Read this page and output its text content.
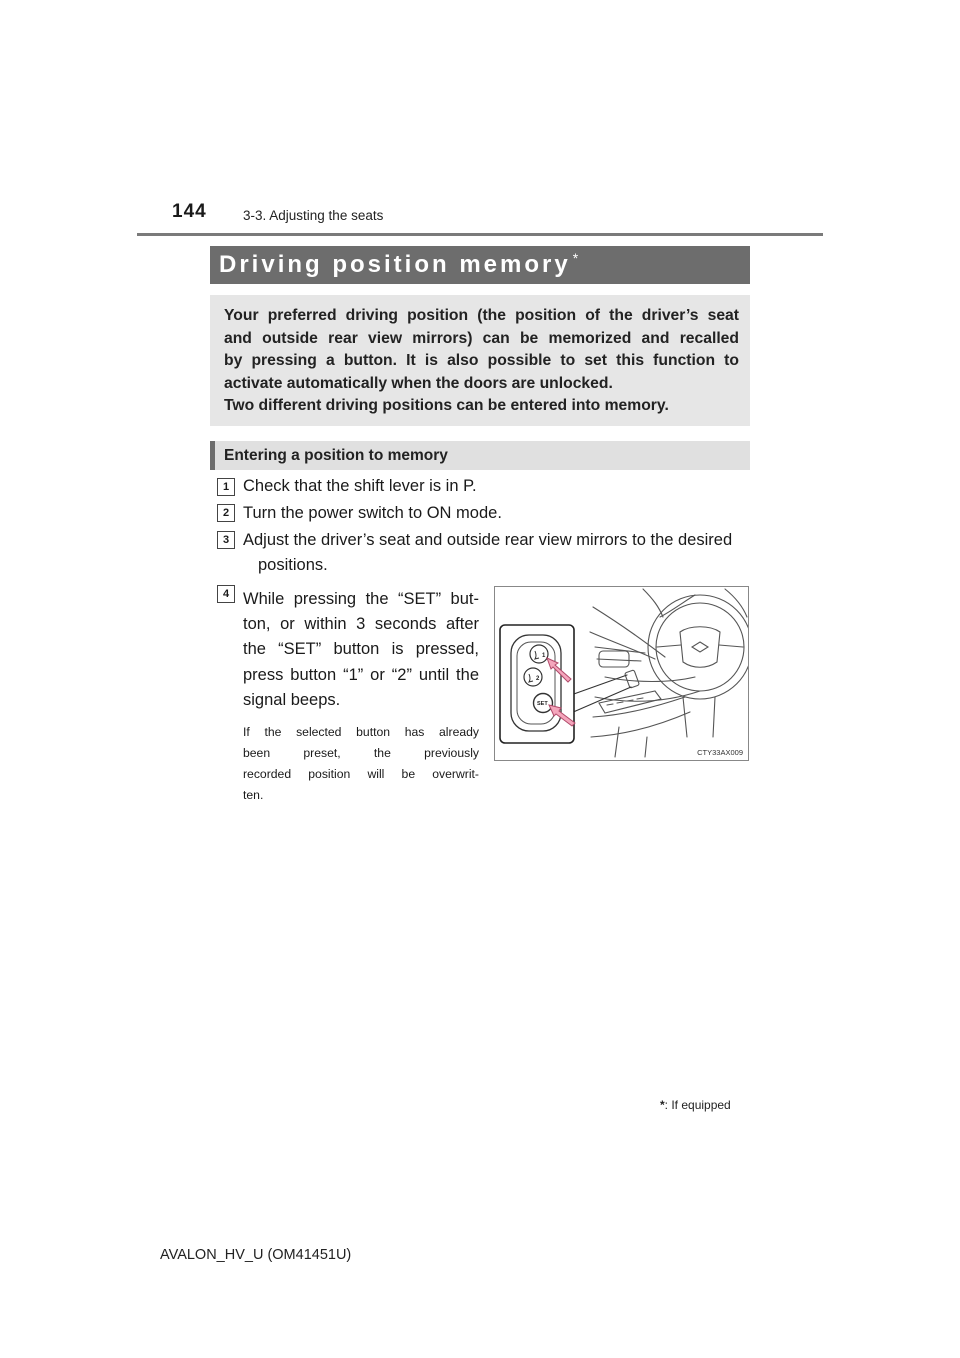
144	3-3. Adjusting the seats
Driving position memory *
Your preferred driving position (the position of the driver’s seat
and outside rear view mirrors) can be memorized and recalled
by pressing a button. It is also possible to set this function to
activate automatically when the doors are unlocked.
Two different driving positions can be entered into memory.
Entering a position to memory
1 Check that the shift lever is in P.
2 Turn the power switch to ON mode.
3 Adjust the driver’s seat and outside rear view mirrors to the desired
positions.
4 While pressing the “SET” but-
ton, or within 3 seconds after
the “SET” button is pressed,
press button “1” or “2” until the
signal beeps.
If the selected button has already
been preset, the previously
recorded position will be overwrit-
ten.
1
2
SET
CTY33AX009
*: If equipped
AVALON_HV_U (OM41451U)
